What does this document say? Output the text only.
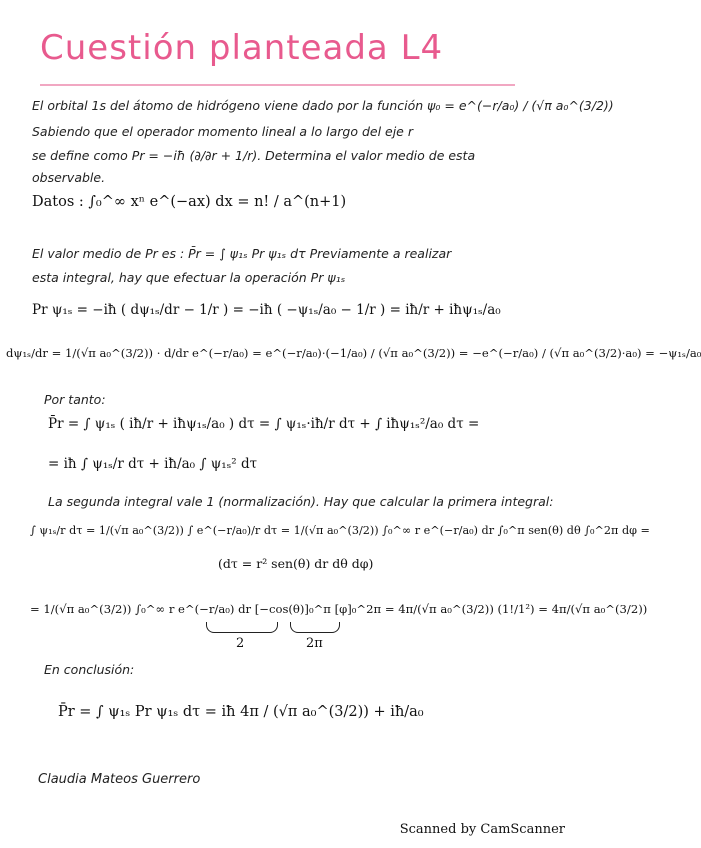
Cuestión planteada L4
El orbital 1s del átomo de hidrógeno viene dado por la función ψ₀ = e^(−r/a₀) / (√π a₀^(3/2))
Sabiendo que el operador momento lineal a lo largo del eje r
se define como Pr = −iħ (∂/∂r + 1/r). Determina el valor medio de esta
observable.
Datos : ∫₀^∞ xⁿ e^(−ax) dx = n! / a^(n+1)
El valor medio de Pr es : P̄r = ∫ ψ₁ₛ Pr ψ₁ₛ dτ Previamente a realizar
esta integral, hay que efectuar la operación Pr ψ₁ₛ
Pr ψ₁ₛ = −iħ ( dψ₁ₛ/dr − 1/r ) = −iħ ( −ψ₁ₛ/a₀ − 1/r ) = iħ/r + iħψ₁ₛ/a₀
dψ₁ₛ/dr = 1/(√π a₀^(3/2)) · d/dr e^(−r/a₀) = e^(−r/a₀)·(−1/a₀) / (√π a₀^(3/2)) = −e^(−r/a₀) / (√π a₀^(3/2)·a₀) = −ψ₁ₛ/a₀
Por tanto:
P̄r = ∫ ψ₁ₛ ( iħ/r + iħψ₁ₛ/a₀ ) dτ = ∫ ψ₁ₛ·iħ/r dτ + ∫ iħψ₁ₛ²/a₀ dτ =
= iħ ∫ ψ₁ₛ/r dτ + iħ/a₀ ∫ ψ₁ₛ² dτ
La segunda integral vale 1 (normalización). Hay que calcular la primera integral:
∫ ψ₁ₛ/r dτ = 1/(√π a₀^(3/2)) ∫ e^(−r/a₀)/r dτ = 1/(√π a₀^(3/2)) ∫₀^∞ r e^(−r/a₀) dr ∫₀^π sen(θ) dθ ∫₀^2π dφ =
(dτ = r² sen(θ) dr dθ dφ)
= 1/(√π a₀^(3/2)) ∫₀^∞ r e^(−r/a₀) dr [−cos(θ)]₀^π [φ]₀^2π = 4π/(√π a₀^(3/2)) (1!/1²) = 4π/(√π a₀^(3/2))
2	2π
En conclusión:
P̄r = ∫ ψ₁ₛ Pr ψ₁ₛ dτ = iħ 4π / (√π a₀^(3/2)) + iħ/a₀
Claudia Mateos Guerrero
Scanned by CamScanner
